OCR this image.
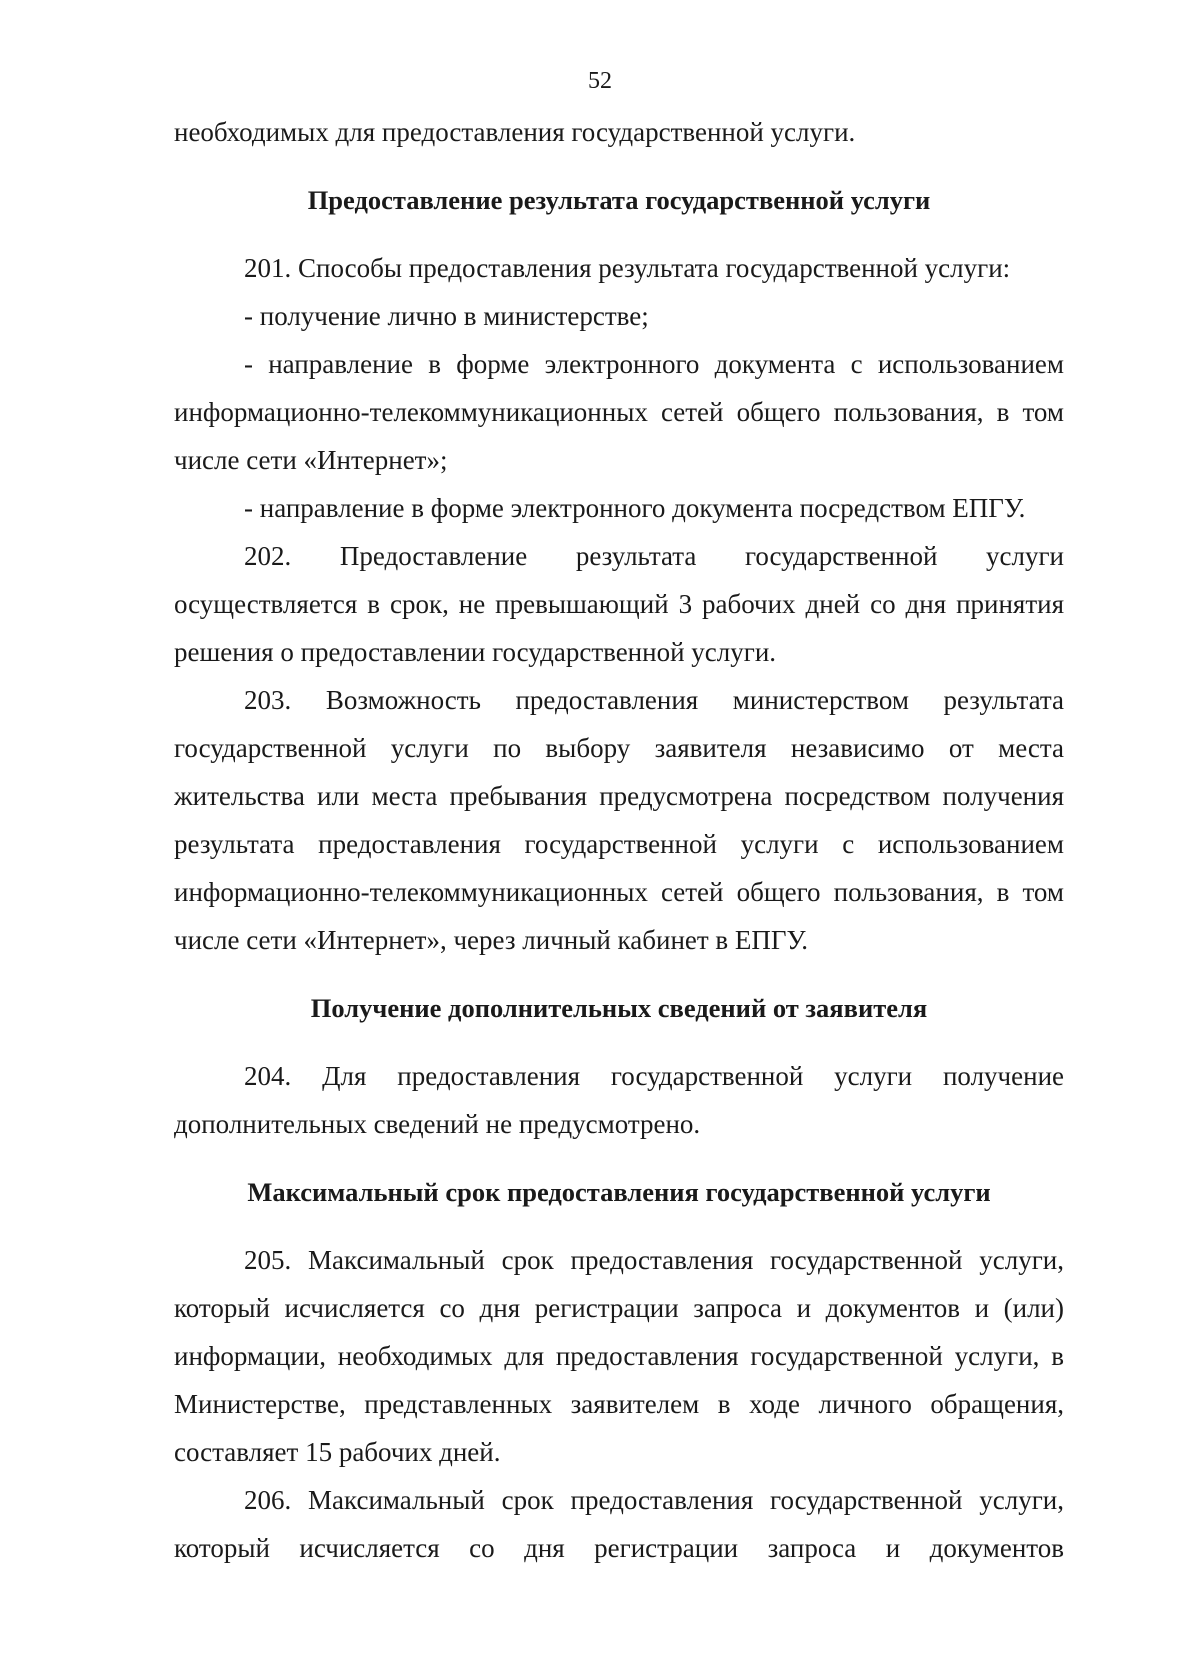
52

необходимых для предоставления государственной услуги.

Предоставление результата государственной услуги

201. Способы предоставления результата государственной услуги:

- получение лично в министерстве;

- направление в форме электронного документа с использованием информационно-телекоммуникационных сетей общего пользования, в том числе сети «Интернет»;

- направление в форме электронного документа посредством ЕПГУ.

202. Предоставление результата государственной услуги осуществляется в срок, не превышающий 3 рабочих дней со дня принятия решения о предоставлении государственной услуги.

203. Возможность предоставления министерством результата государственной услуги по выбору заявителя независимо от места жительства или места пребывания предусмотрена посредством получения результата предоставления государственной услуги с использованием информационно-телекоммуникационных сетей общего пользования, в том числе сети «Интернет», через личный кабинет в ЕПГУ.

Получение дополнительных сведений от заявителя

204. Для предоставления государственной услуги получение дополнительных сведений не предусмотрено.

Максимальный срок предоставления государственной услуги

205. Максимальный срок предоставления государственной услуги, который исчисляется со дня регистрации запроса и документов и (или) информации, необходимых для предоставления государственной услуги, в Министерстве, представленных заявителем в ходе личного обращения, составляет 15 рабочих дней.

206. Максимальный срок предоставления государственной услуги, который исчисляется со дня регистрации запроса и документов
